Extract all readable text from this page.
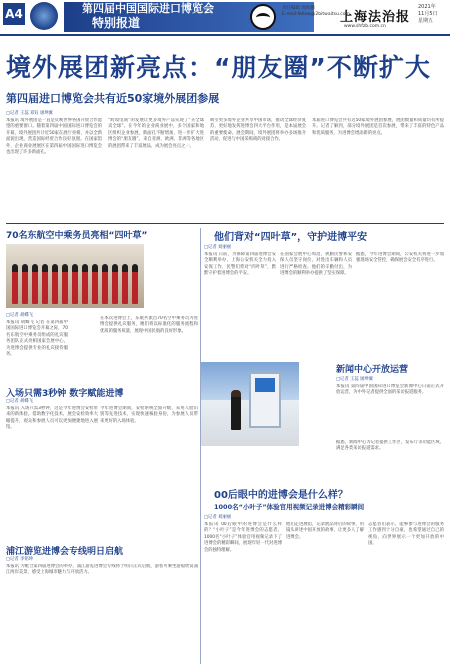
A4	第四届中国国际进口博览会
特别报道
责任编辑 周幼鹏
E-mail:fellow@2bitwaitsu.com
上海法治报
www.shfzb.com.cn
2021年
11月5日
星期五
境外展团新亮点：“朋友圈”不断扩大
第四届进口博览会共有近50家境外展团参展
□记者 王蕊 邓钰 屠坤翼
本报讯 境外展团是一直是反映世界各国开放合作愿望的重要窗口。随着第四届中国国际进口博览会的开幕，境外展团共计近50家在展厅亮相，并以全新面貌出现，营造国际经贸合作良好氛围。在国家馆外，企业商业展展区在第四届中国国际进口博览会也出现了许多新面孔。
“跨境电商”的发展让更多境外产品实现了“买全球卖全球”。在今年的企业商业展中，多个国家和地区组织企业参展，新面孔不断增加，进一步扩大进博会的“朋友圈”。来自亚洲、欧洲、非洲等各地区的展团带来了丰富展品，成为展会亮点之一。
吸引更多境外企业共享中国市场，推动全球经济复苏，更好地发挥进博会四大平台作用，是本届展会的重要使命。展会期间，境外展团将举办多场推介活动，促进与中国采购商的对接合作。
本届进口博览会共有近50家境外展团参展，展团数量和质量均有所提升。记者了解到，部分境外展团是首次参展，带来了丰富的特色产品和优质服务，为进博会增添新的亮点。
70名东航空中乘务员亮相“四叶草”
□记者 胡蝶飞
本报讯 胡蝶飞 记者 在第四届中国国际进口博览会开幕之际，70名东航空中乘务员组成的礼宾服务团队正式亮相国家会展中心，为进博会提供专业的礼宾接待服务。
在本次进博会上，东航共派出70名空中乘务员为进博会提供礼宾服务，她们将以标准化的服务流程和优质的服务质量，展现中国民航的良好形象。
入场只需3秒钟 数字赋能进博
□记者 胡蝶飞
本报讯 入场只需3秒钟，这是今年进博会安检带来的新体验。借助数字化技术，展会安检效率大幅提升，观众和参展人员可以更加便捷地进入展馆。
今年进博会期间，安检系统全面升级，采用人脸识别等先进技术，实现快速核验身份，为参展人员带来更好的入场体验。
浦江游览进博会专线明日启航
□记者 李铭珅
本报讯 为配合第四届进博会的举办，浦江游览进博会专线将于明日正式启航，游客可乘坐游船欣赏浦江两岸美景，感受上海城市魅力与开放活力。
他们背对“四叶草”，守护进博平安
□记者 刘丽丽
本报讯 日前，为保障第四届进博会安全顺利举办，上海公安机关全力投入安保工作，民警们背对“四叶草”，默默守护着进博会的平安。
在国家会展中心周边，执勤民警和安保人员坚守岗位，对进出车辆和人员进行严格检查。他们的辛勤付出，为进博会的顺利举办提供了坚实保障。
据悉，今年进博会期间，公安机关将进一步加强现场安全管控，确保展会安全有序进行。
新闻中心开放运营
□记者 王蕊 屠坤翼
本报讯 第四届中国国际进口博览会新闻中心日前正式开放运营，为中外记者提供全面的采访报道服务。
据悉，新闻中心为记者提供工作区、发布厅等功能区域，满足各类采访报道需求。
00后眼中的进博会是什么样？
1000名“小叶子”体验官用视频记录进博会精彩瞬间
□记者 刘丽丽
本报讯 00后眼中的进博会是什么样的？“小叶子”是今年进博会的志愿者，1000名“小叶子”体验官用视频记录下了进博会的精彩瞬间，展现年轻一代对进博会的独特理解。
他们走进展馆，记录展品背后的故事，用镜头讲述中国开放的故事，让更多人了解进博会。
志愿者们表示，能够参与进博会的服务工作感到十分自豪，也希望通过自己的视角，向世界展示一个更加开放的中国。
